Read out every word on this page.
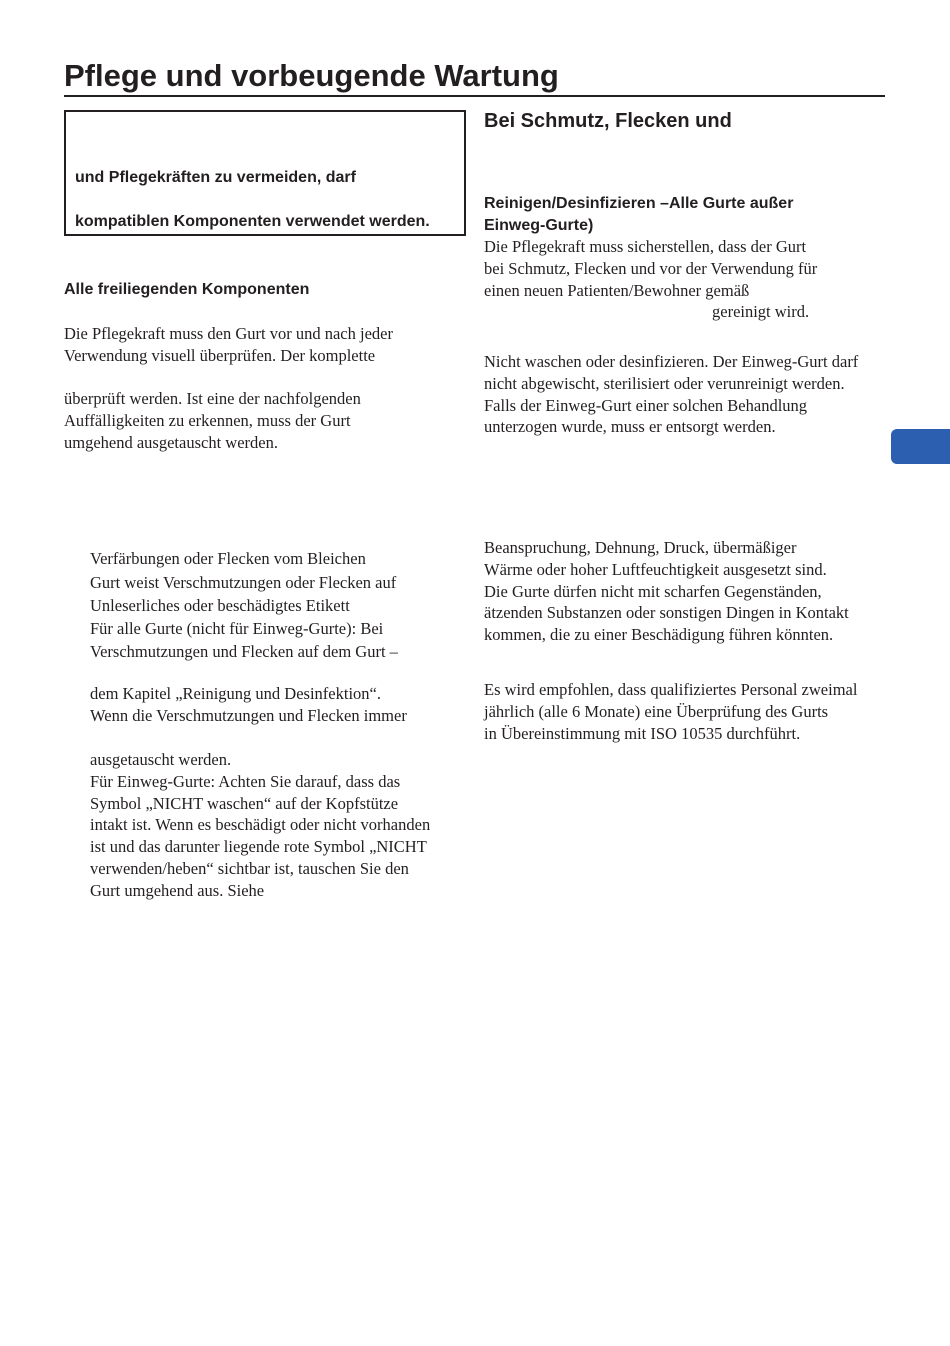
Pflege und vorbeugende Wartung
und Pflegekräften zu vermeiden, darf
kompatiblen Komponenten verwendet werden.
Alle freiliegenden Komponenten
Die Pflegekraft muss den Gurt vor und nach jeder
Verwendung visuell überprüfen. Der komplette
überprüft werden. Ist eine der nachfolgenden
Auffälligkeiten zu erkennen, muss der Gurt
umgehend ausgetauscht werden.
Verfärbungen oder Flecken vom Bleichen
Gurt weist Verschmutzungen oder Flecken auf
Unleserliches oder beschädigtes Etikett
Für alle Gurte (nicht für Einweg-Gurte): Bei
Verschmutzungen und Flecken auf dem Gurt –
dem Kapitel „Reinigung und Desinfektion“.
Wenn die Verschmutzungen und Flecken immer
ausgetauscht werden.
Für Einweg-Gurte: Achten Sie darauf, dass das
Symbol „NICHT waschen“ auf der Kopfstütze
intakt ist. Wenn es beschädigt oder nicht vorhanden
ist und das darunter liegende rote Symbol „NICHT
verwenden/heben“ sichtbar ist, tauschen Sie den
Gurt umgehend aus. Siehe
Bei Schmutz, Flecken und
Reinigen/Desinfizieren –Alle Gurte außer
Einweg-Gurte)
Die Pflegekraft muss sicherstellen, dass der Gurt
bei Schmutz, Flecken und vor der Verwendung für
einen neuen Patienten/Bewohner gemäß
gereinigt wird.
Nicht waschen oder desinfizieren. Der Einweg-Gurt darf
nicht abgewischt, sterilisiert oder verunreinigt werden.
Falls der Einweg-Gurt einer solchen Behandlung
unterzogen wurde, muss er entsorgt werden.
Beanspruchung, Dehnung, Druck, übermäßiger
Wärme oder hoher Luftfeuchtigkeit ausgesetzt sind.
Die Gurte dürfen nicht mit scharfen Gegenständen,
ätzenden Substanzen oder sonstigen Dingen in Kontakt
kommen, die zu einer Beschädigung führen könnten.
Es wird empfohlen, dass qualifiziertes Personal zweimal
jährlich (alle 6 Monate) eine Überprüfung des Gurts
in Übereinstimmung mit ISO 10535 durchführt.
